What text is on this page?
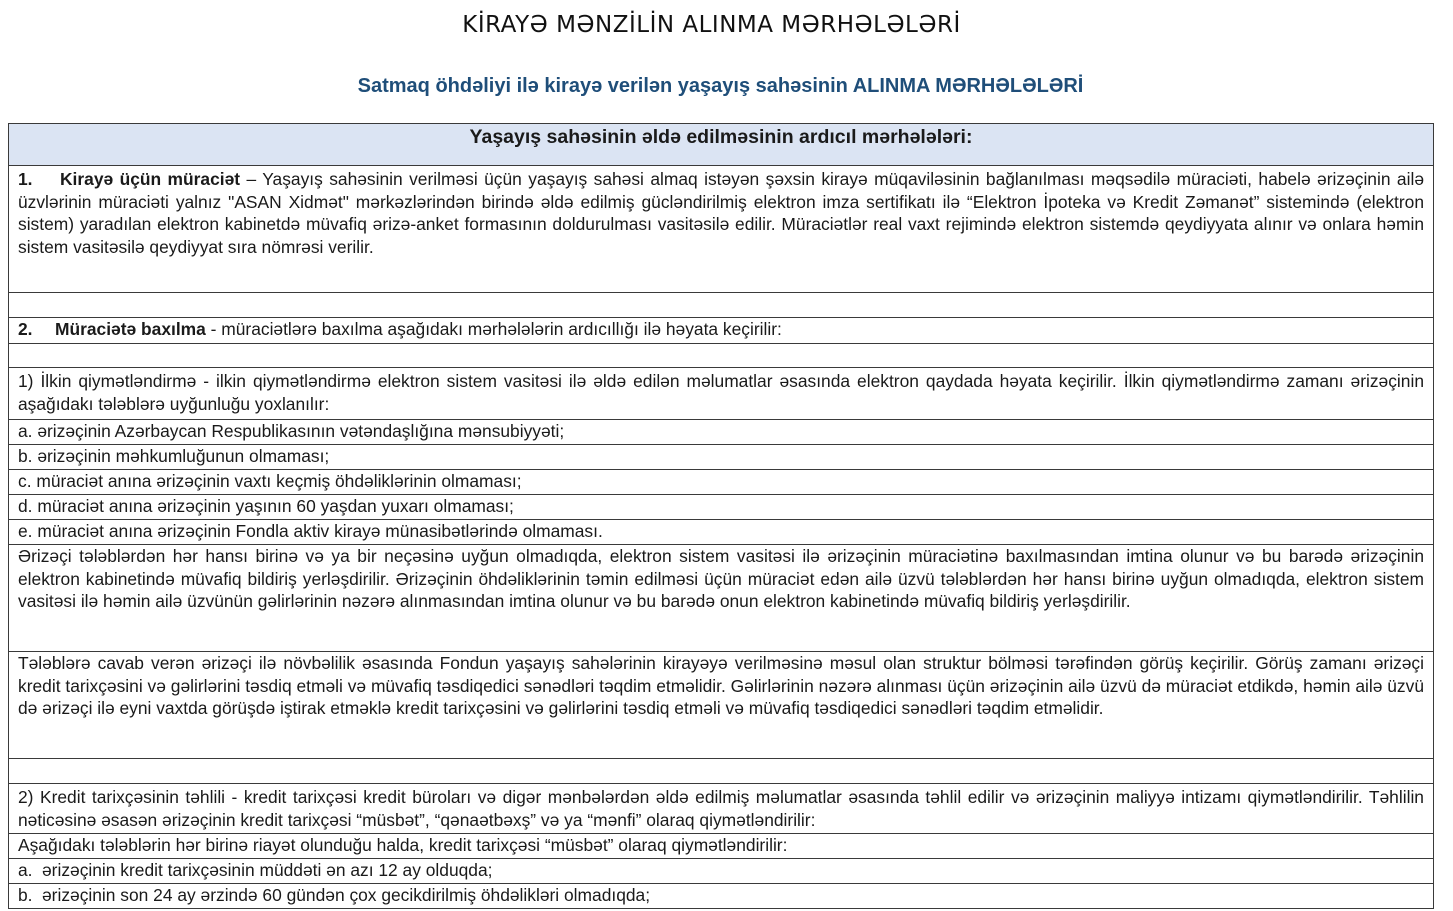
KİRAYƏ MƏNZİLİN ALINMA MƏRHƏLƏLƏRİ
Satmaq öhdəliyi ilə kirayə verilən yaşayış sahəsinin ALINMA MƏRHƏLƏLƏRİ
Yaşayış sahəsinin əldə edilməsinin ardıcıl mərhələləri:
1. Kirayə üçün müraciət – Yaşayış sahəsinin verilməsi üçün yaşayış sahəsi almaq istəyən şəxsin kirayə müqaviləsinin bağlanılması məqsədilə müraciəti, habelə ərizəçinin ailə üzvlərinin müraciəti yalnız "ASAN Xidmət" mərkəzlərindən birində əldə edilmiş gücləndirilmiş elektron imza sertifikatı ilə “Elektron İpoteka və Kredit Zəmanət” sistemində (elektron sistem) yaradılan elektron kabinetdə müvafiq ərizə-anket formasının doldurulması vasitəsilə edilir. Müraciətlər real vaxt rejimində elektron sistemdə qeydiyyata alınır və onlara həmin sistem vasitəsilə qeydiyyat sıra nömrəsi verilir.

2. Müraciətə baxılma - müraciətlərə baxılma aşağıdakı mərhələlərin ardıcıllığı ilə həyata keçirilir:

1) İlkin qiymətləndirmə - ilkin qiymətləndirmə elektron sistem vasitəsi ilə əldə edilən məlumatlar əsasında elektron qaydada həyata keçirilir. İlkin qiymətləndirmə zamanı ərizəçinin aşağıdakı tələblərə uyğunluğu yoxlanılır:
a. ərizəçinin Azərbaycan Respublikasının vətəndaşlığına mənsubiyyəti;
b. ərizəçinin məhkumluğunun olmaması;
c. müraciət anına ərizəçinin vaxtı keçmiş öhdəliklərinin olmaması;
d. müraciət anına ərizəçinin yaşının 60 yaşdan yuxarı olmaması;
e. müraciət anına ərizəçinin Fondla aktiv kirayə münasibətlərində olmaması.
Ərizəçi tələblərdən hər hansı birinə və ya bir neçəsinə uyğun olmadıqda, elektron sistem vasitəsi ilə ərizəçinin müraciətinə baxılmasından imtina olunur və bu barədə ərizəçinin elektron kabinetində müvafiq bildiriş yerləşdirilir. Ərizəçinin öhdəliklərinin təmin edilməsi üçün müraciət edən ailə üzvü tələblərdən hər hansı birinə uyğun olmadıqda, elektron sistem vasitəsi ilə həmin ailə üzvünün gəlirlərinin nəzərə alınmasından imtina olunur və bu barədə onun elektron kabinetində müvafiq bildiriş yerləşdirilir.
Tələblərə cavab verən ərizəçi ilə növbəlilik əsasında Fondun yaşayış sahələrinin kirayəyə verilməsinə məsul olan struktur bölməsi tərəfindən görüş keçirilir. Görüş zamanı ərizəçi kredit tarixçəsini və gəlirlərini təsdiq etməli və müvafiq təsdiqedici sənədləri təqdim etməlidir. Gəlirlərinin nəzərə alınması üçün ərizəçinin ailə üzvü də müraciət etdikdə, həmin ailə üzvü də ərizəçi ilə eyni vaxtda görüşdə iştirak etməklə kredit tarixçəsini və gəlirlərini təsdiq etməli və müvafiq təsdiqedici sənədləri təqdim etməlidir.

2) Kredit tarixçəsinin təhlili - kredit tarixçəsi kredit büroları və digər mənbələrdən əldə edilmiş məlumatlar əsasında təhlil edilir və ərizəçinin maliyyə intizamı qiymətləndirilir. Təhlilin nəticəsinə əsasən ərizəçinin kredit tarixçəsi “müsbət”, “qənaətbəxş” və ya “mənfi” olaraq qiymətləndirilir:
Aşağıdakı tələblərin hər birinə riayət olunduğu halda, kredit tarixçəsi “müsbət” olaraq qiymətləndirilir:
a. ərizəçinin kredit tarixçəsinin müddəti ən azı 12 ay olduqda;
b. ərizəçinin son 24 ay ərzində 60 gündən çox gecikdirilmiş öhdəlikləri olmadıqda;
